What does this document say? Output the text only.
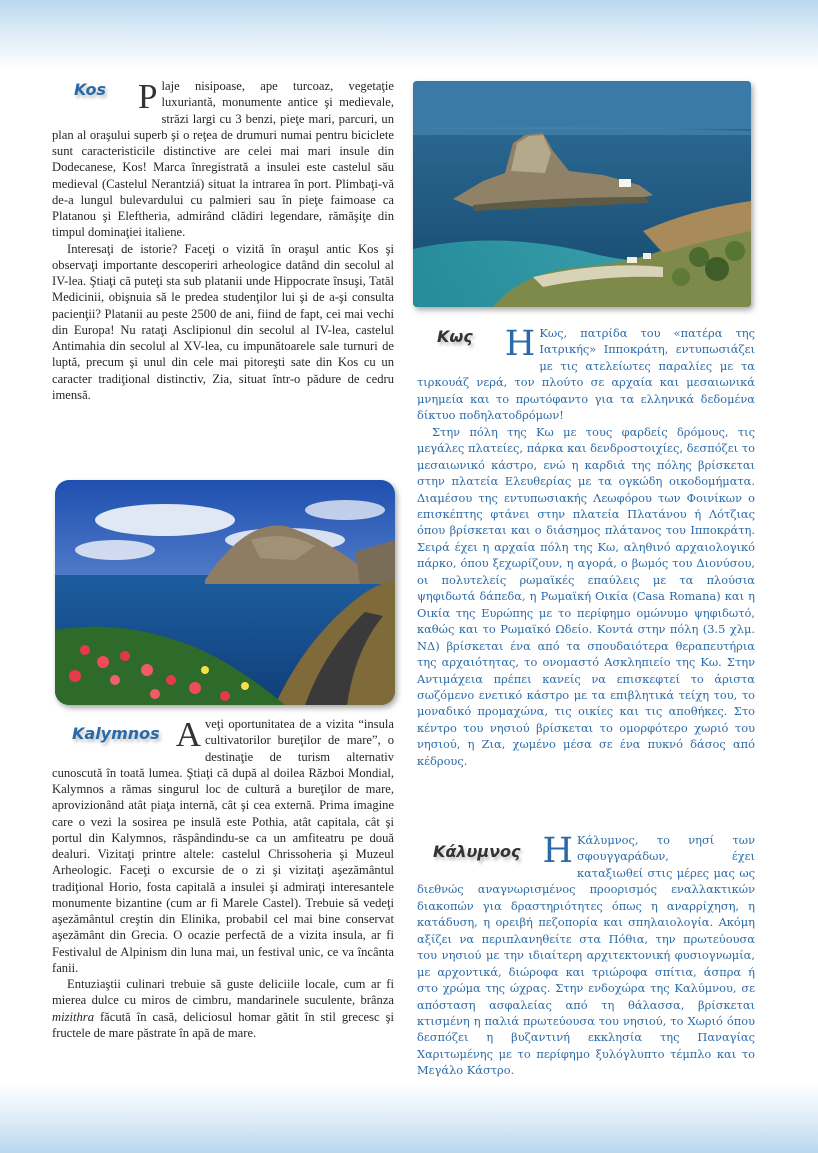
Kos P laje nisipoase, ape turcoaz, vegetaţie luxuriantă, monumente antice şi medievale, străzi largi cu 3 benzi, pieţe mari, parcuri, un plan al oraşului superb şi o reţea de drumuri numai pentru biciclete sunt caracteristicile distinctive are celei mai mari insule din Dodecanese, Kos! Marca înregistrată a insulei este castelul său medieval (Castelul Nerantziá) situat la intrarea în port. Plimbaţi-vă de-a lungul bulevardului cu palmieri sau în pieţe faimoase ca Platanou şi Eleftheria, admirând clădiri legendare, rămăşiţe din timpul dominaţiei italiene.

Interesaţi de istorie? Faceţi o vizită în oraşul antic Kos şi observaţi importante descoperiri arheologice datând din secolul al IV-lea. Ştiaţi că puteţi sta sub platanii unde Hippocrate însuşi, Tatăl Medicinii, obişnuia să le predea studenţilor lui şi de a-şi consulta pacienţii? Platanii au peste 2500 de ani, fiind de fapt, cei mai vechi din Europa! Nu rataţi Asclipionul din secolul al IV-lea, castelul Antimahia din secolul al XV-lea, cu impunătoarele sale turnuri de luptă, precum şi unul din cele mai pitoreşti sate din Kos cu un caracter tradiţional distinctiv, Zia, situat într-o pădure de cedru imensă.

Κως Η Κως, πατρίδα του «πατέρα της Ιατρικής» Ιπποκράτη, εντυπωσιάζει με τις ατελείωτες παραλίες με τα τιρκουάζ νερά, τον πλούτο σε αρχαία και μεσαιωνικά μνημεία και το πρωτόφαντο για τα ελληνικά δεδομένα δίκτυο ποδηλατοδρόμων!

Στην πόλη της Κω με τους φαρδείς δρόμους, τις μεγάλες πλατείες, πάρκα και δενδροστοιχίες, δεσπόζει το μεσαιωνικό κάστρο, ενώ η καρδιά της πόλης βρίσκεται στην πλατεία Ελευθερίας με τα ογκώδη οικοδομήματα. Διαμέσου της εντυπωσιακής Λεωφόρου των Φοινίκων ο επισκέπτης φτάνει στην πλατεία Πλατάνου ή Λότζιας όπου βρίσκεται και ο διάσημος πλάτανος του Ιπποκράτη. Σειρά έχει η αρχαία πόλη της Κω, αληθινό αρχαιολογικό πάρκο, όπου ξεχωρίζουν, η αγορά, ο βωμός του Διονύσου, οι πολυτελείς ρωμαϊκές επαύλεις με τα πλούσια ψηφιδωτά δάπεδα, η Ρωμαϊκή Οικία (Casa Romana) και η Οικία της Ευρώπης με το περίφημο ομώνυμο ψηφιδωτό, καθώς και το Ρωμαϊκό Ωδείο. Κοντά στην πόλη (3.5 χλμ. ΝΔ) βρίσκεται ένα από τα σπουδαιότερα θεραπευτήρια της αρχαιότητας, το ονομαστό Ασκληπιείο της Κω. Στην Αντιμάχεια πρέπει κανείς να επισκεφτεί το άριστα σωζόμενο ενετικό κάστρο με τα επιβλητικά τείχη του, το μοναδικό προμαχώνα, τις οικίες και τις αποθήκες. Στο κέντρο του νησιού βρίσκεται το ομορφότερο χωριό του νησιού, η Ζια, χωμένο μέσα σε ένα πυκνό δάσος από κέδρους.

Kalymnos A veţi oportunitatea de a vizita “insula cultivatorilor bureţilor de mare”, o destinaţie de turism alternativ cunoscută în toată lumea. Ştiaţi că după al doilea Război Mondial, Kalymnos a rămas singurul loc de cultură a bureţilor de mare, aprovizionând atât piaţa internă, cât şi cea externă. Prima imagine care o vezi la sosirea pe insulă este Pothia, atât capitala, cât şi portul din Kalymnos, răspândindu-se ca un amfiteatru pe două dealuri. Vizitaţi printre altele: castelul Chrissoheria şi Muzeul Arheologic. Faceţi o excursie de o zi şi vizitaţi aşezământul tradiţional Horio, fosta capitală a insulei şi admiraţi interesantele monumente bizantine (cum ar fi Marele Castel). Trebuie să vedeţi aşezământul creştin din Elinika, probabil cel mai bine conservat aşezământ din Grecia. O ocazie perfectă de a vizita insula, ar fi Festivalul de Alpinism din luna mai, un festival unic, ce va încânta fanii.

Entuziaştii culinari trebuie să guste deliciile locale, cum ar fi mierea dulce cu miros de cimbru, mandarinele suculente, brânza mizithra făcută în casă, deliciosul homar gătit în stil grecesc şi fructele de mare păstrate în apă de mare.

Κάλυμνος Η Κάλυμνος, το νησί των σφουγγαράδων, έχει καταξιωθεί στις μέρες μας ως διεθνώς αναγνωρισμένος προορισμός εναλλακτικών διακοπών για δραστηριότητες όπως η αναρρίχηση, η κατάδυση, η ορειβή πεζοπορία και σπηλαιολογία. Ακόμη αξίζει να περιπλανηθείτε στα Πόθια, την πρωτεύουσα του νησιού με την ιδιαίτερη αρχιτεκτονική φυσιογνωμία, με αρχοντικά, διώροφα και τριώροφα σπίτια, άσπρα ή στο χρώμα της ώχρας. Στην ενδοχώρα της Καλύμνου, σε απόσταση ασφαλείας από τη θάλασσα, βρίσκεται κτισμένη η παλιά πρωτεύουσα του νησιού, το Χωριό όπου δεσπόζει η βυζαντινή εκκλησία της Παναγίας Χαριτωμένης με το περίφημο ξυλόγλυπτο τέμπλο και το Μεγάλο Κάστρο.
